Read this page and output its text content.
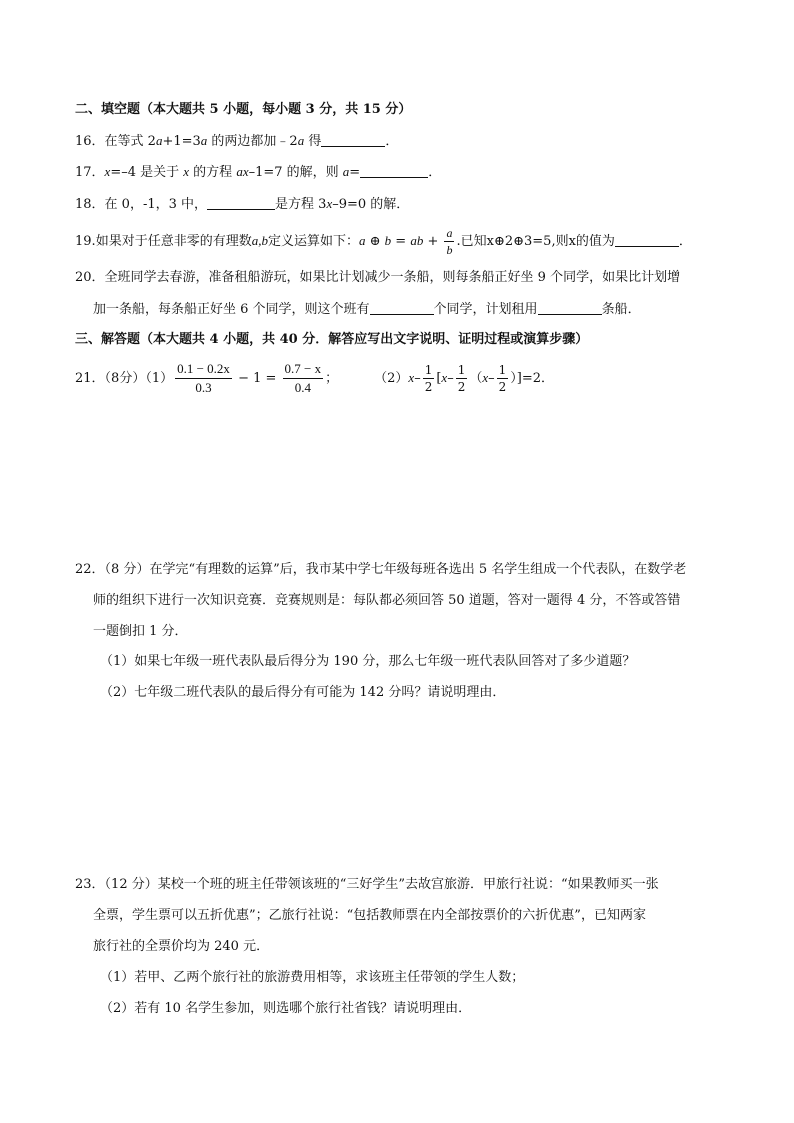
二、填空题（本大题共 5 小题，每小题 3 分，共 15 分）
16．在等式 2a+1=3a 的两边都加﹣2a 得	．
17．x=–4 是关于 x 的方程 ax–1=7 的解，则 a=	．
18．在 0，-1，3 中，	是方程 3x–9=0 的解．
19.如果对于任意非零的有理数a,b定义运算如下：a ⊕ b = ab + $\frac{a}{b}$ .已知x⊕2⊕3=5,则x的值为	．
20．全班同学去春游，准备租船游玩，如果比计划减少一条船，则每条船正好坐 9 个同学，如果比计划增
加一条船，每条船正好坐 6 个同学，则这个班有	个同学，计划租用	条船．
三、解答题（本大题共 4 小题，共 40 分．解答应写出文字说明、证明过程或演算步骤）
21．（8分）$(1) \frac{0.1 - 0.2x}{0.3} - 1 = \frac{0.7 - x}{0.4}$ ；	$(2)x- \frac{1}{2} [x- \frac{1}{2} (x- \frac{1}{2} )]=2$．
22．（8 分）在学完“有理数的运算”后，我市某中学七年级每班各选出 5 名学生组成一个代表队，在数学老
师的组织下进行一次知识竞赛．竞赛规则是：每队都必须回答 50 道题，答对一题得 4 分，不答或答错
一题倒扣 1 分．
（1）如果七年级一班代表队最后得分为 190 分，那么七年级一班代表队回答对了多少道题？
（2）七年级二班代表队的最后得分有可能为 142 分吗？请说明理由．
23．（12 分）某校一个班的班主任带领该班的“三好学生”去故宫旅游．甲旅行社说：“如果教师买一张
全票，学生票可以五折优惠”；乙旅行社说：“包括教师票在内全部按票价的六折优惠”，已知两家
旅行社的全票价均为 240 元．
（1）若甲、乙两个旅行社的旅游费用相等，求该班主任带领的学生人数；
（2）若有 10 名学生参加，则选哪个旅行社省钱？请说明理由．
